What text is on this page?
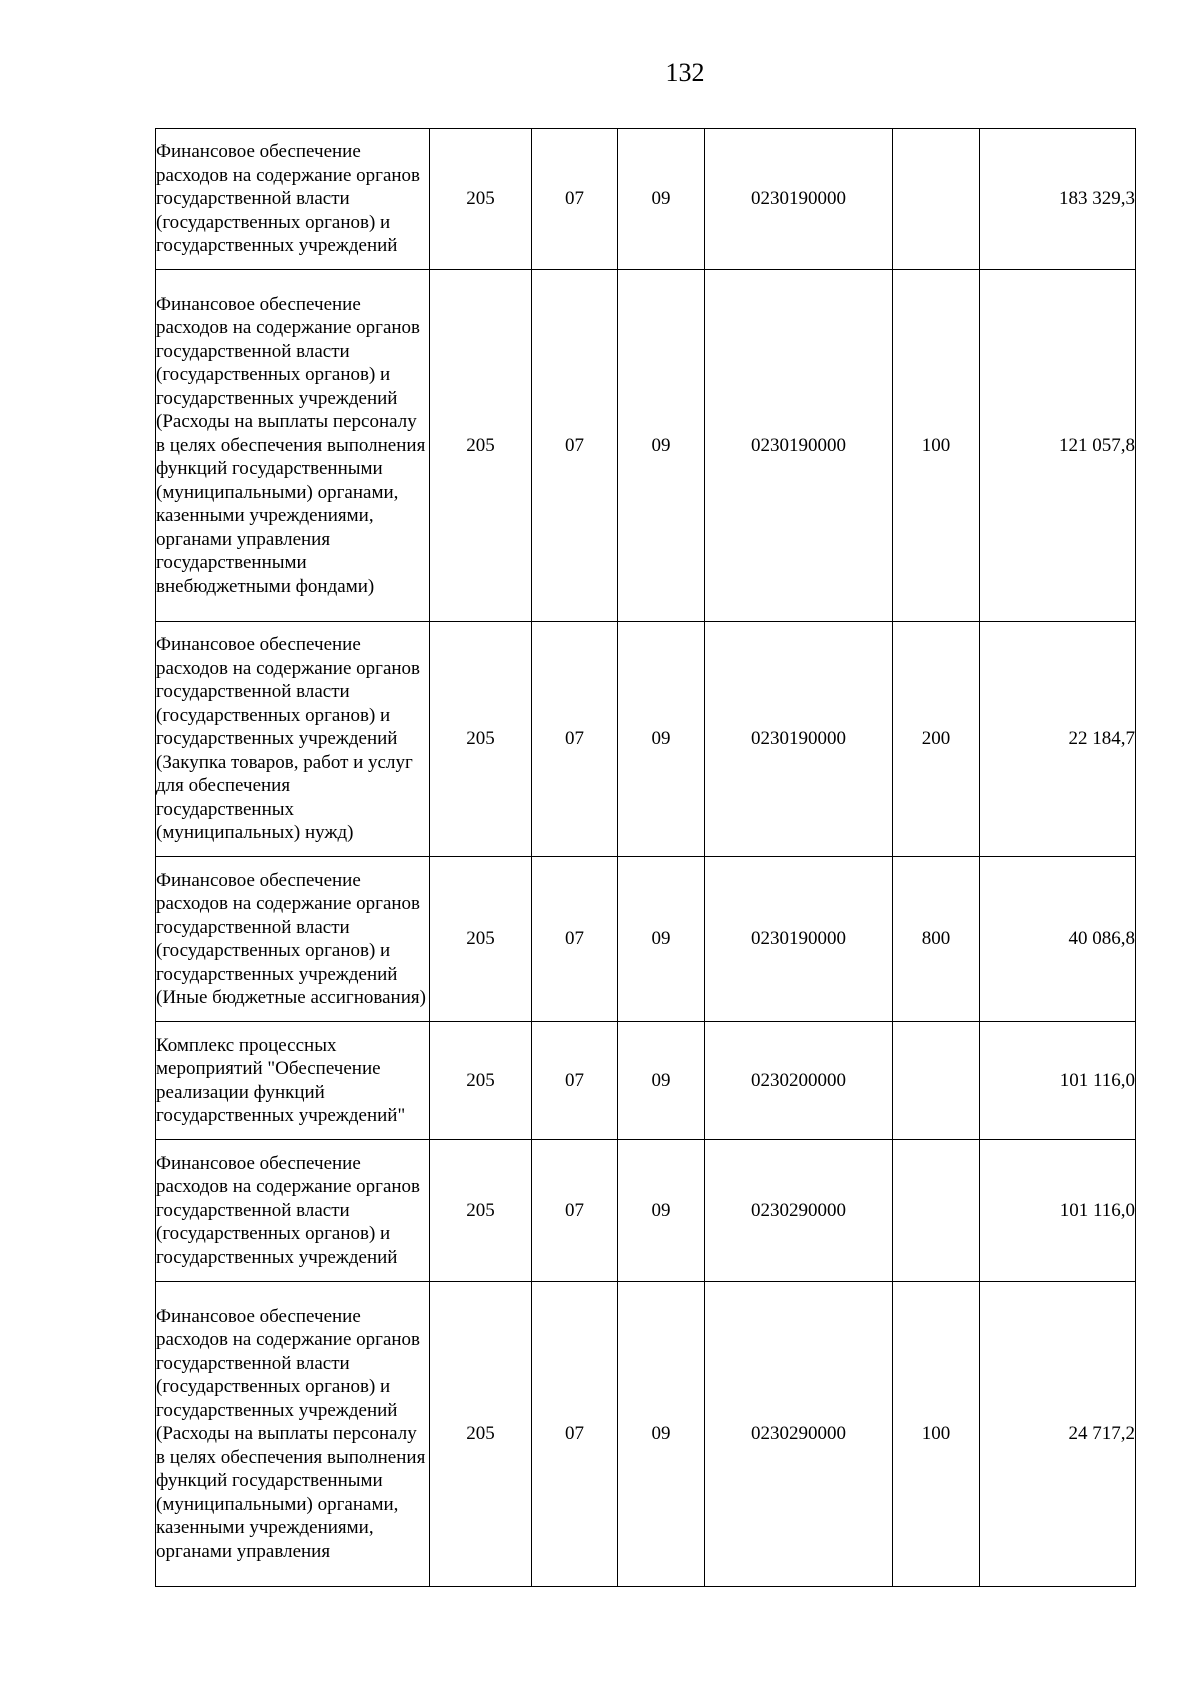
132
Финансовое обеспечение расходов на содержание органов государственной власти (государственных органов) и государственных учреждений	205	07	09	0230190000		183 329,3
Финансовое обеспечение расходов на содержание органов государственной власти (государственных органов) и государственных учреждений (Расходы на выплаты персоналу в целях обеспечения выполнения функций государственными (муниципальными) органами, казенными учреждениями, органами управления государственными внебюджетными фондами)	205	07	09	0230190000	100	121 057,8
Финансовое обеспечение расходов на содержание органов государственной власти (государственных органов) и государственных учреждений (Закупка товаров, работ и услуг для обеспечения государственных (муниципальных) нужд)	205	07	09	0230190000	200	22 184,7
Финансовое обеспечение расходов на содержание органов государственной власти (государственных органов) и государственных учреждений (Иные бюджетные ассигнования)	205	07	09	0230190000	800	40 086,8
Комплекс процессных мероприятий "Обеспечение реализации функций государственных учреждений"	205	07	09	0230200000		101 116,0
Финансовое обеспечение расходов на содержание органов государственной власти (государственных органов) и государственных учреждений	205	07	09	0230290000		101 116,0
Финансовое обеспечение расходов на содержание органов государственной власти (государственных органов) и государственных учреждений (Расходы на выплаты персоналу в целях обеспечения выполнения функций государственными (муниципальными) органами, казенными учреждениями, органами управления	205	07	09	0230290000	100	24 717,2
